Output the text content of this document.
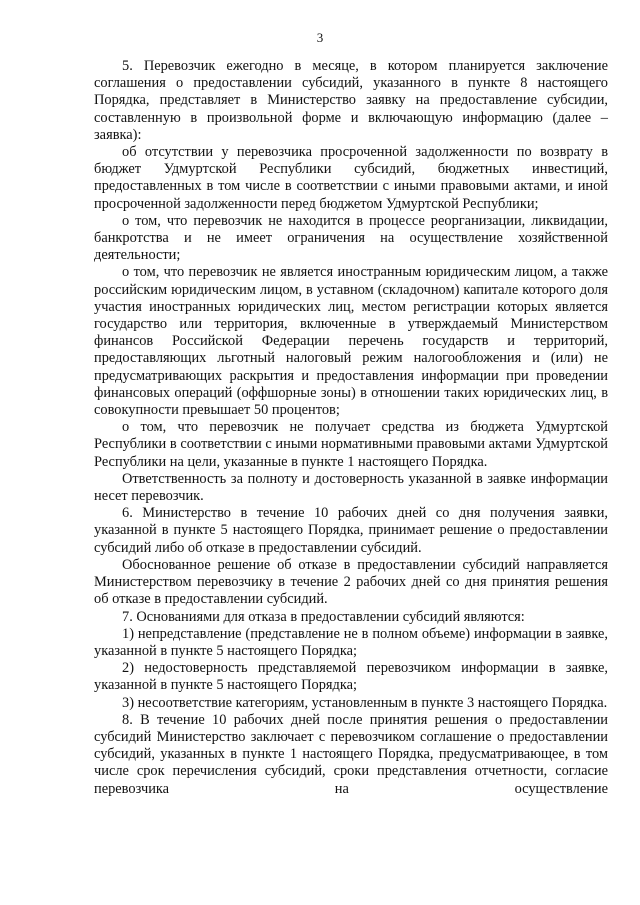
3

5. Перевозчик ежегодно в месяце, в котором планируется заключение соглашения о предоставлении субсидий, указанного в пункте 8 настоящего Порядка, представляет в Министерство заявку на предоставление субсидии, составленную в произвольной форме и включающую информацию (далее – заявка):

об отсутствии у перевозчика просроченной задолженности по возврату в бюджет Удмуртской Республики субсидий, бюджетных инвестиций, предоставленных в том числе в соответствии с иными правовыми актами, и иной просроченной задолженности перед бюджетом Удмуртской Республики;

о том, что перевозчик не находится в процессе реорганизации, ликвидации, банкротства и не имеет ограничения на осуществление хозяйственной деятельности;

о том, что перевозчик не является иностранным юридическим лицом, а также российским юридическим лицом, в уставном (складочном) капитале которого доля участия иностранных юридических лиц, местом регистрации которых является государство или территория, включенные в утверждаемый Министерством финансов Российской Федерации перечень государств и территорий, предоставляющих льготный налоговый режим налогообложения и (или) не предусматривающих раскрытия и предоставления информации при проведении финансовых операций (оффшорные зоны) в отношении таких юридических лиц, в совокупности превышает 50 процентов;

о том, что перевозчик не получает средства из бюджета Удмуртской Республики в соответствии с иными нормативными правовыми актами Удмуртской Республики на цели, указанные в пункте 1 настоящего Порядка.

Ответственность за полноту и достоверность указанной в заявке информации несет перевозчик.

6. Министерство в течение 10 рабочих дней со дня получения заявки, указанной в пункте 5 настоящего Порядка, принимает решение о предоставлении субсидий либо об отказе в предоставлении субсидий.

Обоснованное решение об отказе в предоставлении субсидий направляется Министерством перевозчику в течение 2 рабочих дней со дня принятия решения об отказе в предоставлении субсидий.

7. Основаниями для отказа в предоставлении субсидий являются:

1) непредставление (представление не в полном объеме) информации в заявке, указанной в пункте 5 настоящего Порядка;

2) недостоверность представляемой перевозчиком информации в заявке, указанной в пункте 5 настоящего Порядка;

3) несоответствие категориям, установленным в пункте 3 настоящего Порядка.

8. В течение 10 рабочих дней после принятия решения о предоставлении субсидий Министерство заключает с перевозчиком соглашение о предоставлении субсидий, указанных в пункте 1 настоящего Порядка, предусматривающее, в том числе срок перечисления субсидий, сроки представления отчетности, согласие перевозчика на осуществление
